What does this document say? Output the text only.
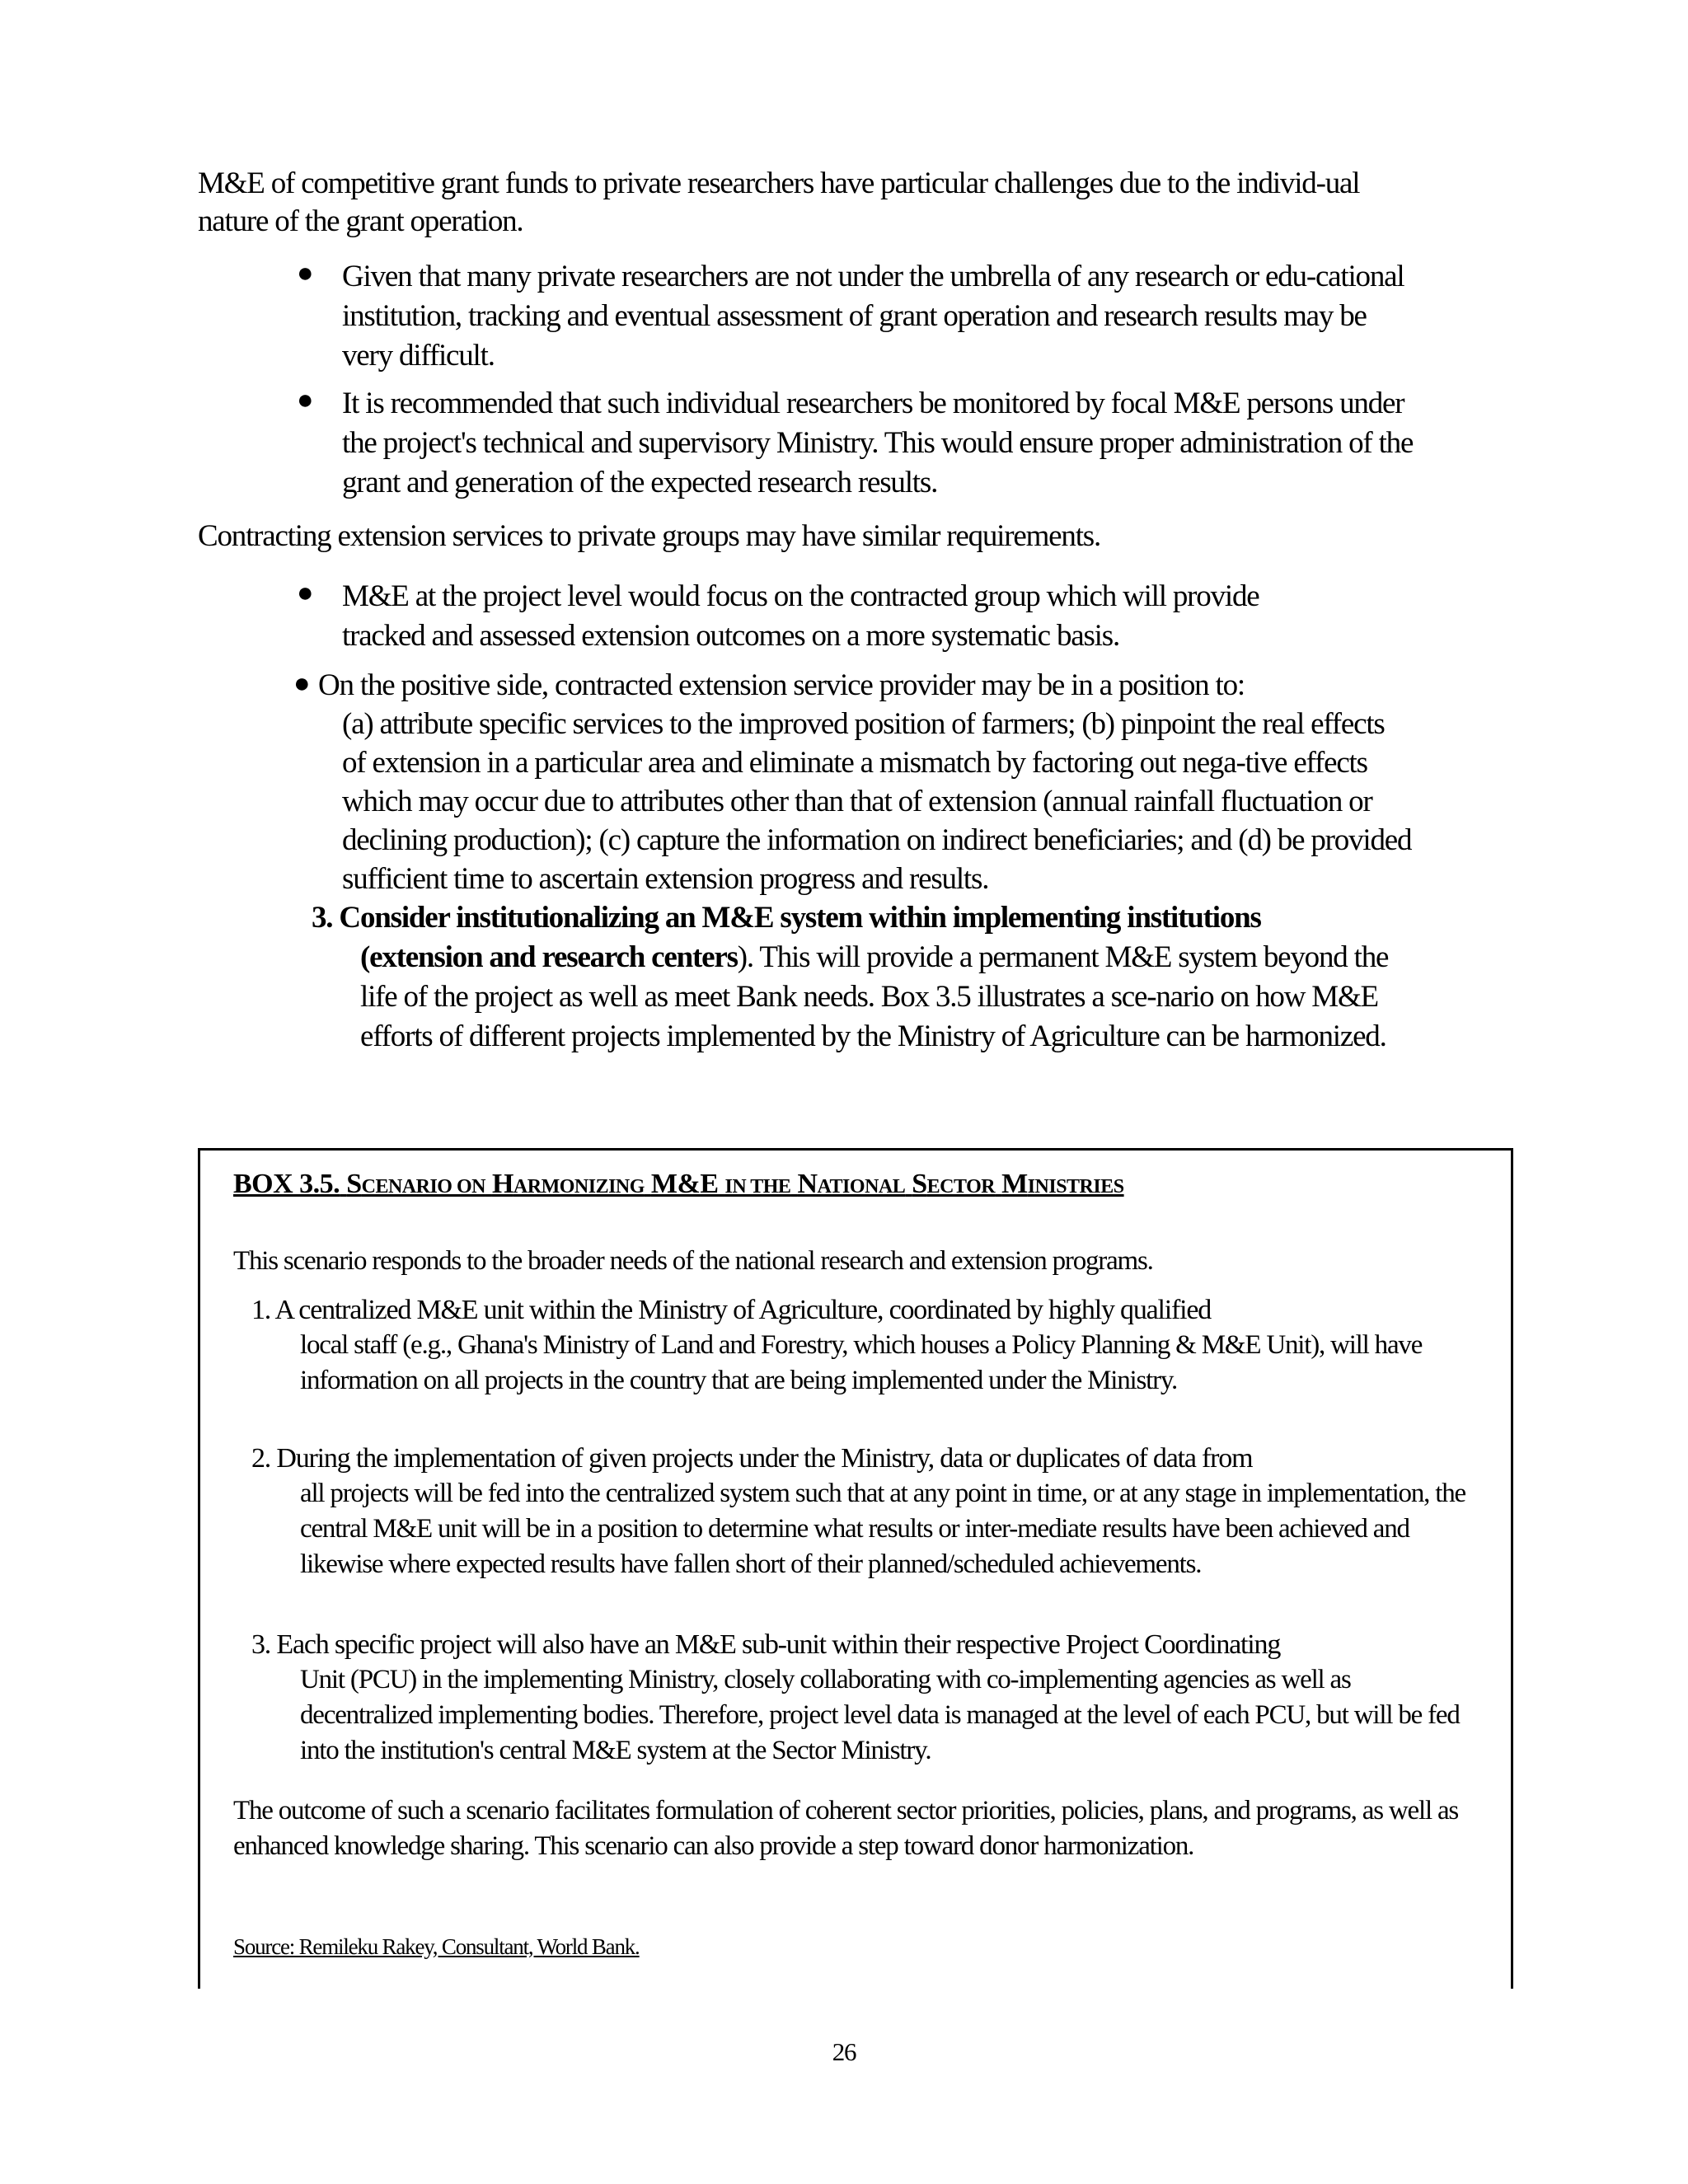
M&E of competitive grant funds to private researchers have particular challenges due to the individ-ual nature of the grant operation.

● Given that many private researchers are not under the umbrella of any research or edu-cational institution, tracking and eventual assessment of grant operation and research results may be very difficult.
● It is recommended that such individual researchers be monitored by focal M&E persons under the project's technical and supervisory Ministry. This would ensure proper administration of the grant and generation of the expected research results.

Contracting extension services to private groups may have similar requirements.

● M&E at the project level would focus on the contracted group which will provide
tracked and assessed extension outcomes on a more systematic basis.
● On the positive side, contracted extension service provider may be in a position to:
(a) attribute specific services to the improved position of farmers; (b) pinpoint the real effects of extension in a particular area and eliminate a mismatch by factoring out nega-tive effects which may occur due to attributes other than that of extension (annual rainfall fluctuation or declining production); (c) capture the information on indirect beneficiaries; and (d) be provided sufficient time to ascertain extension progress and results.
3. Consider institutionalizing an M&E system within implementing institutions
(extension and research centers). This will provide a permanent M&E system beyond the life of the project as well as meet Bank needs. Box 3.5 illustrates a sce-nario on how M&E efforts of different projects implemented by the Ministry of Agriculture can be harmonized.
BOX 3.5. SCENARIO ON HARMONIZING M&E IN THE NATIONAL SECTOR MINISTRIES
This scenario responds to the broader needs of the national research and extension programs.
1. A centralized M&E unit within the Ministry of Agriculture, coordinated by highly qualified
local staff (e.g., Ghana's Ministry of Land and Forestry, which houses a Policy Planning & M&E Unit), will have information on all projects in the country that are being implemented under the Ministry.
2. During the implementation of given projects under the Ministry, data or duplicates of data from
all projects will be fed into the centralized system such that at any point in time, or at any stage in implementation, the central M&E unit will be in a position to determine what results or inter-mediate results have been achieved and likewise where expected results have fallen short of their planned/scheduled achievements.
3. Each specific project will also have an M&E sub-unit within their respective Project Coordinating
Unit (PCU) in the implementing Ministry, closely collaborating with co-implementing agencies as well as decentralized implementing bodies. Therefore, project level data is managed at the level of each PCU, but will be fed into the institution's central M&E system at the Sector Ministry.
The outcome of such a scenario facilitates formulation of coherent sector priorities, policies, plans, and programs, as well as enhanced knowledge sharing. This scenario can also provide a step toward donor harmonization.
Source: Remileku Rakey, Consultant, World Bank.
26
